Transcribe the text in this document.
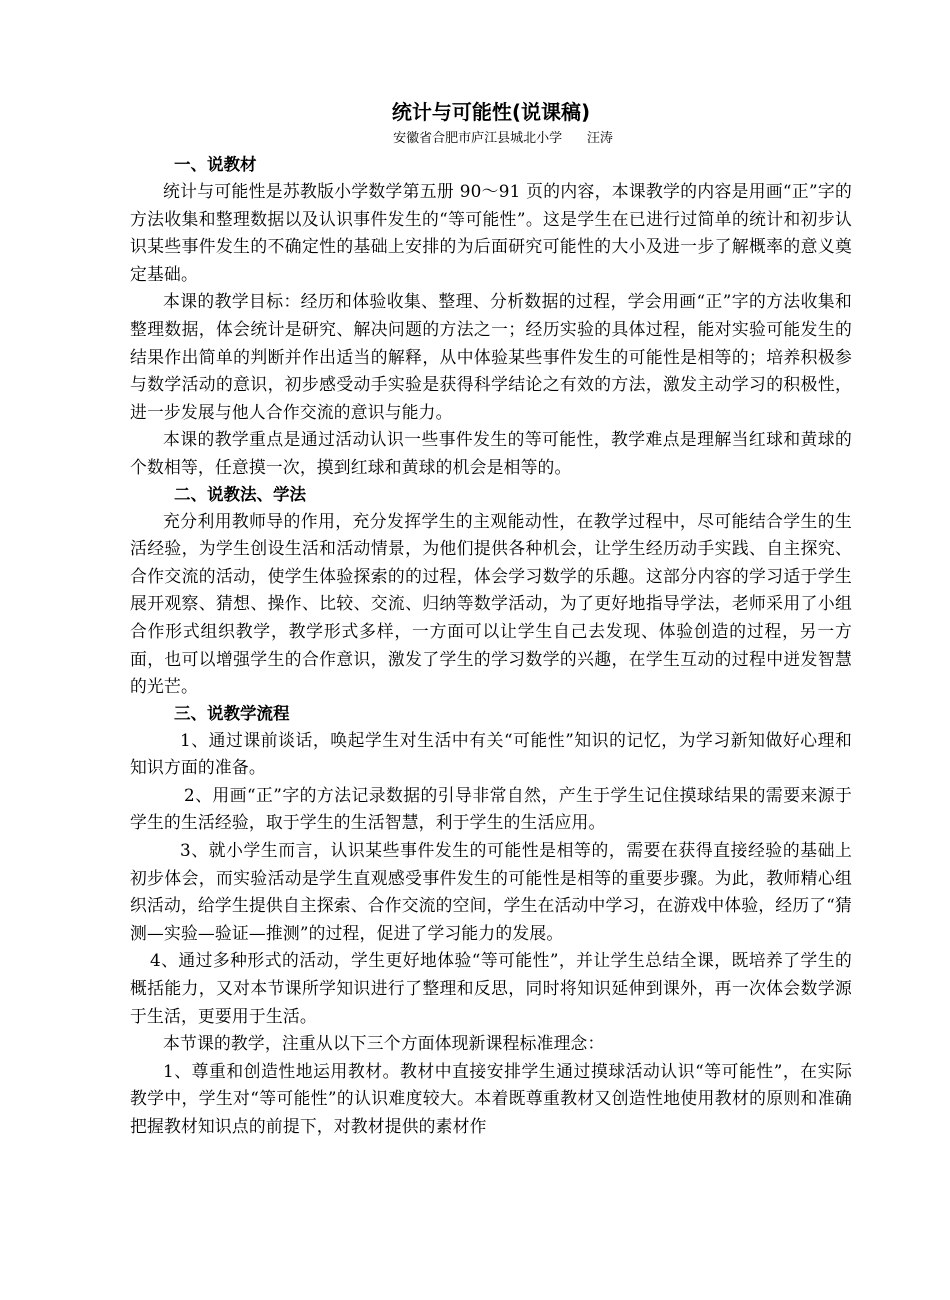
统计与可能性(说课稿)

安徽省合肥市庐江县城北小学      汪涛

一、说教材

统计与可能性是苏教版小学数学第五册 90～91 页的内容，本课教学的内容是用画“正”字的方法收集和整理数据以及认识事件发生的“等可能性”。这是学生在已进行过简单的统计和初步认识某些事件发生的不确定性的基础上安排的为后面研究可能性的大小及进一步了解概率的意义奠定基础。

本课的教学目标：经历和体验收集、整理、分析数据的过程，学会用画“正”字的方法收集和整理数据，体会统计是研究、解决问题的方法之一；经历实验的具体过程，能对实验可能发生的结果作出简单的判断并作出适当的解释，从中体验某些事件发生的可能性是相等的；培养积极参与数学活动的意识，初步感受动手实验是获得科学结论之有效的方法，激发主动学习的积极性，进一步发展与他人合作交流的意识与能力。

本课的教学重点是通过活动认识一些事件发生的等可能性，教学难点是理解当红球和黄球的个数相等，任意摸一次，摸到红球和黄球的机会是相等的。

二、说教法、学法

充分利用教师导的作用，充分发挥学生的主观能动性，在教学过程中，尽可能结合学生的生活经验，为学生创设生活和活动情景，为他们提供各种机会，让学生经历动手实践、自主探究、合作交流的活动，使学生体验探索的的过程，体会学习数学的乐趣。这部分内容的学习适于学生展开观察、猜想、操作、比较、交流、归纳等数学活动，为了更好地指导学法，老师采用了小组合作形式组织教学，教学形式多样，一方面可以让学生自己去发现、体验创造的过程，另一方面，也可以增强学生的合作意识，激发了学生的学习数学的兴趣，在学生互动的过程中迸发智慧的光芒。

三、说教学流程

1、通过课前谈话，唤起学生对生活中有关“可能性”知识的记忆，为学习新知做好心理和知识方面的准备。

2、用画“正”字的方法记录数据的引导非常自然，产生于学生记住摸球结果的需要来源于学生的生活经验，取于学生的生活智慧，利于学生的生活应用。

3、就小学生而言，认识某些事件发生的可能性是相等的，需要在获得直接经验的基础上初步体会，而实验活动是学生直观感受事件发生的可能性是相等的重要步骤。为此，教师精心组织活动，给学生提供自主探索、合作交流的空间，学生在活动中学习，在游戏中体验，经历了“猜测—实验—验证—推测”的过程，促进了学习能力的发展。

4、通过多种形式的活动，学生更好地体验“等可能性”，并让学生总结全课，既培养了学生的概括能力，又对本节课所学知识进行了整理和反思，同时将知识延伸到课外，再一次体会数学源于生活，更要用于生活。

本节课的教学，注重从以下三个方面体现新课程标准理念：

1、尊重和创造性地运用教材。教材中直接安排学生通过摸球活动认识“等可能性”，在实际教学中，学生对“等可能性”的认识难度较大。本着既尊重教材又创造性地使用教材的原则和准确把握教材知识点的前提下，对教材提供的素材作
